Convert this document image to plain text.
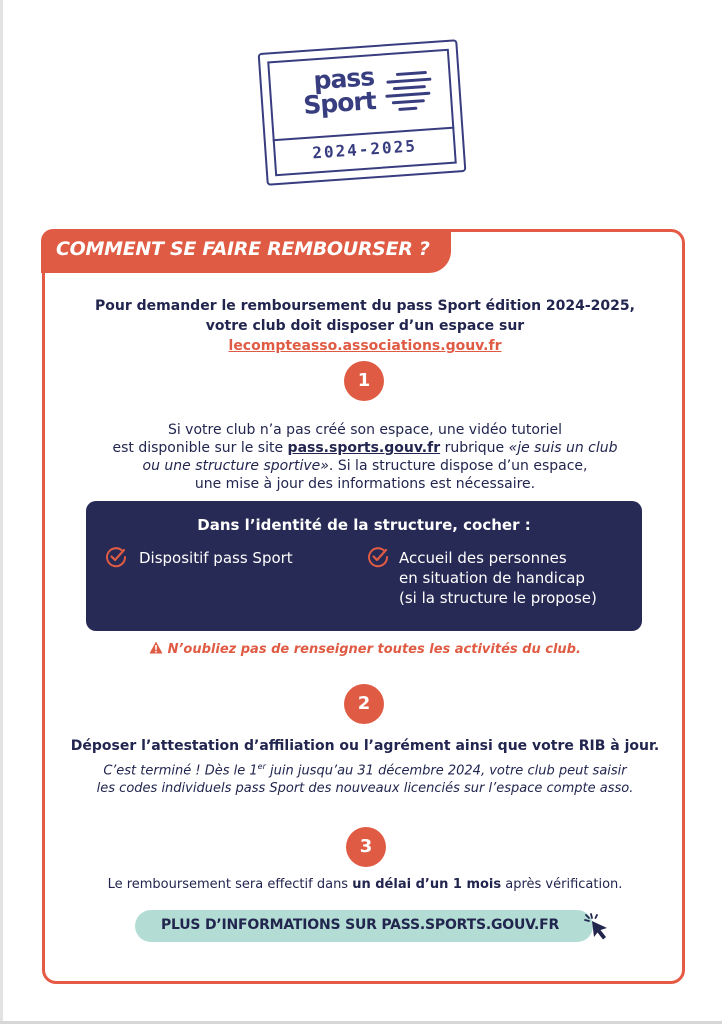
pass
Sport
2024-2025
COMMENT SE FAIRE REMBOURSER ?
Pour demander le remboursement du pass Sport édition 2024-2025,
votre club doit disposer d’un espace sur lecompteasso.associations.gouv.fr
1
Si votre club n’a pas créé son espace, une vidéo tutoriel
est disponible sur le site pass.sports.gouv.fr rubrique «je suis un club
ou une structure sportive». Si la structure dispose d’un espace,
une mise à jour des informations est nécessaire.
Dans l’identité de la structure, cocher :
Dispositif pass Sport	Accueil des personnes
en situation de handicap
(si la structure le propose)
N’oubliez pas de renseigner toutes les activités du club.
2
Déposer l’attestation d’affiliation ou l’agrément ainsi que votre RIB à jour.
C’est terminé ! Dès le 1er juin jusqu’au 31 décembre 2024, votre club peut saisir
les codes individuels pass Sport des nouveaux licenciés sur l’espace compte asso.
3
Le remboursement sera effectif dans un délai d’un 1 mois après vérification.
PLUS D’INFORMATIONS SUR PASS.SPORTS.GOUV.FR
